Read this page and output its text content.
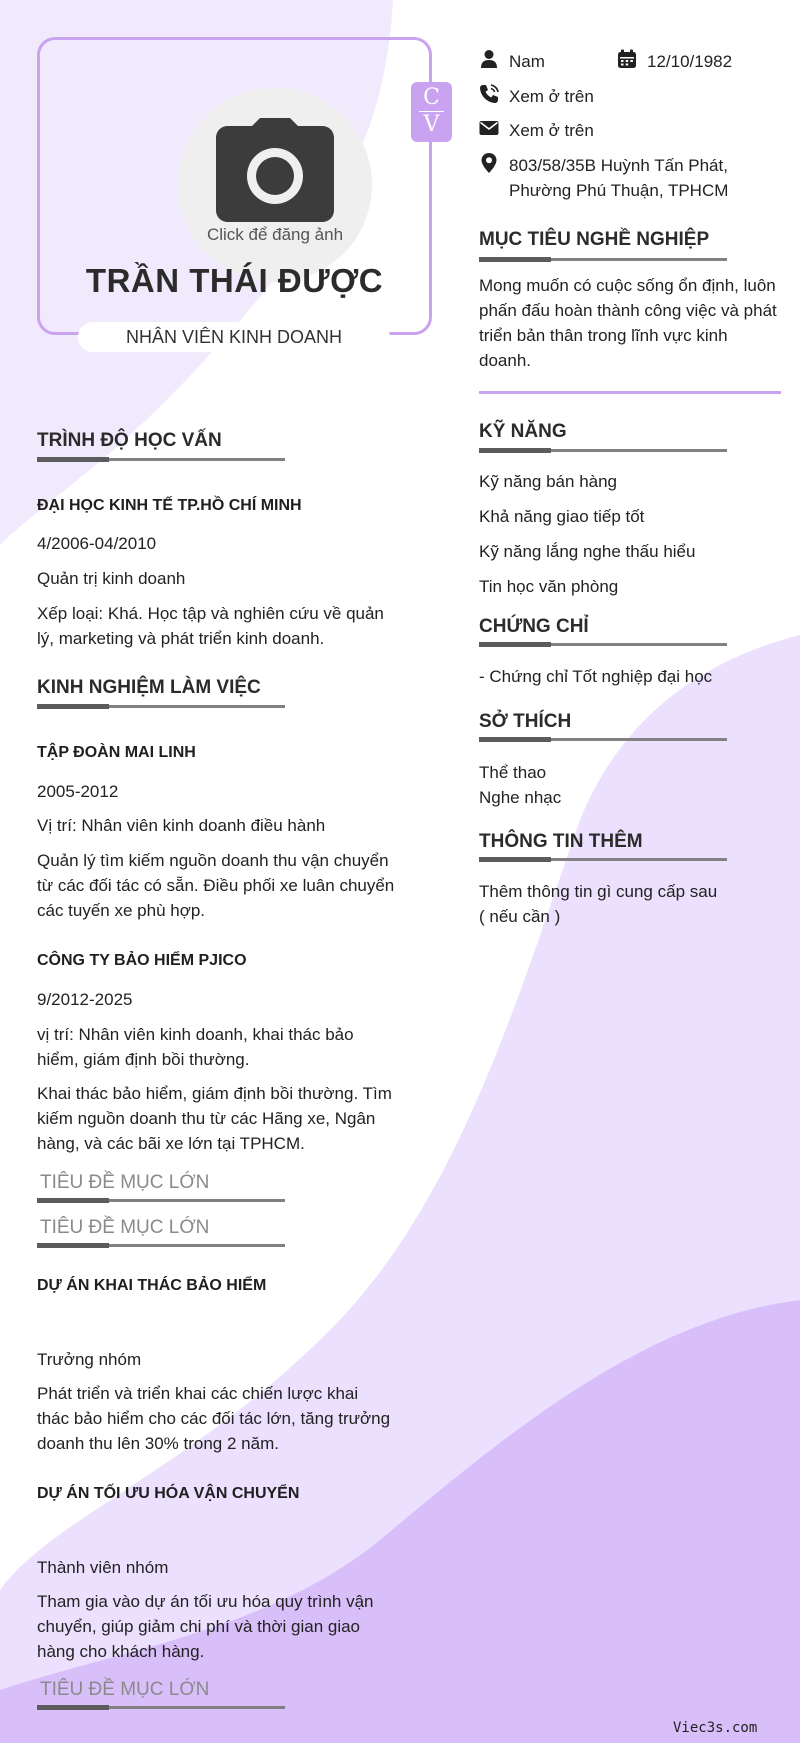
Click để đăng ảnh
TRẦN THÁI ĐƯỢC
NHÂN VIÊN KINH DOANH
C
V
Nam	12/10/1982
Xem ở trên
Xem ở trên
803/58/35B Huỳnh Tấn Phát,
Phường Phú Thuận, TPHCM
MỤC TIÊU NGHỀ NGHIỆP
Mong muốn có cuộc sống ổn định, luôn
phấn đấu hoàn thành công việc và phát
triển bản thân trong lĩnh vực kinh
doanh.
KỸ NĂNG
Kỹ năng bán hàng
Khả năng giao tiếp tốt
Kỹ năng lắng nghe thấu hiểu
Tin học văn phòng
CHỨNG CHỈ
- Chứng chỉ Tốt nghiệp đại học
SỞ THÍCH
Thể thao
Nghe nhạc
THÔNG TIN THÊM
Thêm thông tin gì cung cấp sau
( nếu cần )
TRÌNH ĐỘ HỌC VẤN
ĐẠI HỌC KINH TẾ TP.HỒ CHÍ MINH
4/2006-04/2010
Quản trị kinh doanh
Xếp loại: Khá. Học tập và nghiên cứu về quản
lý, marketing và phát triển kinh doanh.
KINH NGHIỆM LÀM VIỆC
TẬP ĐOÀN MAI LINH
2005-2012
Vị trí: Nhân viên kinh doanh điều hành
Quản lý tìm kiếm nguồn doanh thu vận chuyển
từ các đối tác có sẵn. Điều phối xe luân chuyển
các tuyến xe phù hợp.
CÔNG TY BẢO HIỂM PJICO
9/2012-2025
vị trí: Nhân viên kinh doanh, khai thác bảo
hiểm, giám định bồi thường.
Khai thác bảo hiểm, giám định bồi thường. Tìm
kiếm nguồn doanh thu từ các Hãng xe, Ngân
hàng, và các bãi xe lớn tại TPHCM.
TIÊU ĐỀ MỤC LỚN
TIÊU ĐỀ MỤC LỚN
DỰ ÁN KHAI THÁC BẢO HIỂM
Trưởng nhóm
Phát triển và triển khai các chiến lược khai
thác bảo hiểm cho các đối tác lớn, tăng trưởng
doanh thu lên 30% trong 2 năm.
DỰ ÁN TỐI ƯU HÓA VẬN CHUYỂN
Thành viên nhóm
Tham gia vào dự án tối ưu hóa quy trình vận
chuyển, giúp giảm chi phí và thời gian giao
hàng cho khách hàng.
TIÊU ĐỀ MỤC LỚN
Viec3s.com
